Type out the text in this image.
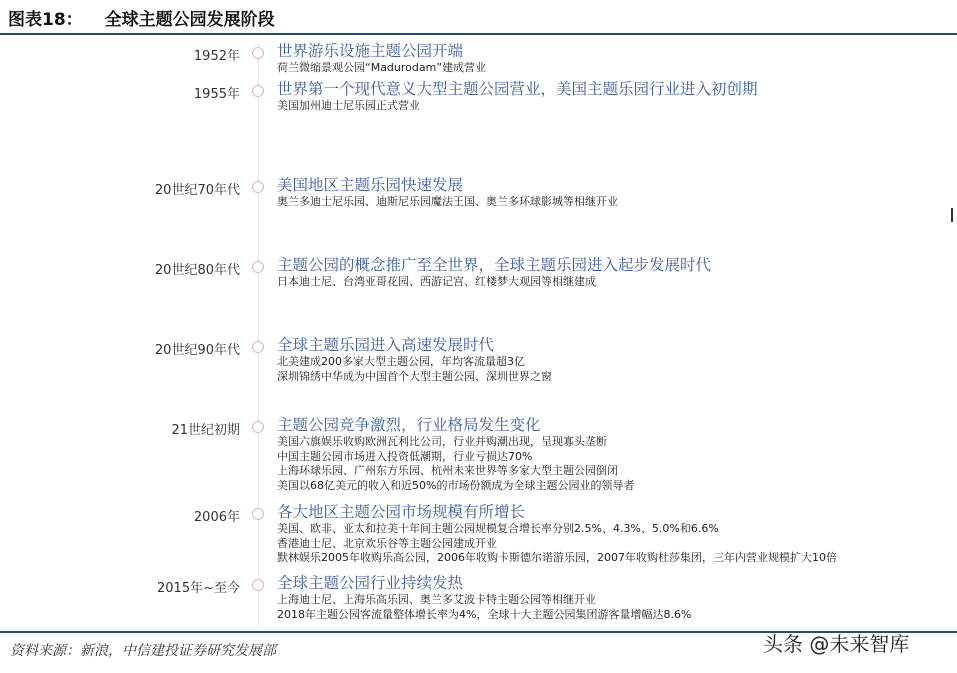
图表18： 全球主题公园发展阶段
1952年 世界游乐设施主题公园开端
荷兰微缩景观公园“Madurodam”建成营业
1955年 世界第一个现代意义大型主题公园营业，美国主题乐园行业进入初创期
美国加州迪士尼乐园正式营业
20世纪70年代 美国地区主题乐园快速发展
奥兰多迪士尼乐园、迪斯尼乐园魔法王国、奥兰多环球影城等相继开业
20世纪80年代 主题公园的概念推广至全世界，全球主题乐园进入起步发展时代
日本迪士尼、台湾亚哥花园、西游记宫、红楼梦大观园等相继建成
20世纪90年代 全球主题乐园进入高速发展时代
北美建成200多家大型主题公园，年均客流量超3亿
深圳锦绣中华成为中国首个大型主题公园、深圳世界之窗
21世纪初期 主题公园竞争激烈，行业格局发生变化
美国六旗娱乐收购欧洲瓦利比公司，行业并购潮出现，呈现寡头垄断
中国主题公园市场进入投资低潮期，行业亏损达70%
上海环球乐园、广州东方乐园、杭州未来世界等多家大型主题公园倒闭
美国以68亿美元的收入和近50%的市场份额成为全球主题公园业的领导者
2006年 各大地区主题公园市场规模有所增长
美国、欧非、亚太和拉美十年间主题公园规模复合增长率分别2.5%、4.3%、5.0%和6.6%
香港迪士尼、北京欢乐谷等主题公园建成开业
默林娱乐2005年收购乐高公园，2006年收购卡斯德尔诺游乐园，2007年收购杜莎集团，三年内营业规模扩大10倍
2015年~至今 全球主题公园行业持续发热
上海迪士尼、上海乐高乐园、奥兰多艾波卡特主题公园等相继开业
2018年主题公园客流量整体增长率为4%，全球十大主题公园集团游客量增幅达8.6%
资料来源：新浪，中信建投证券研究发展部	头条 @未来智库
